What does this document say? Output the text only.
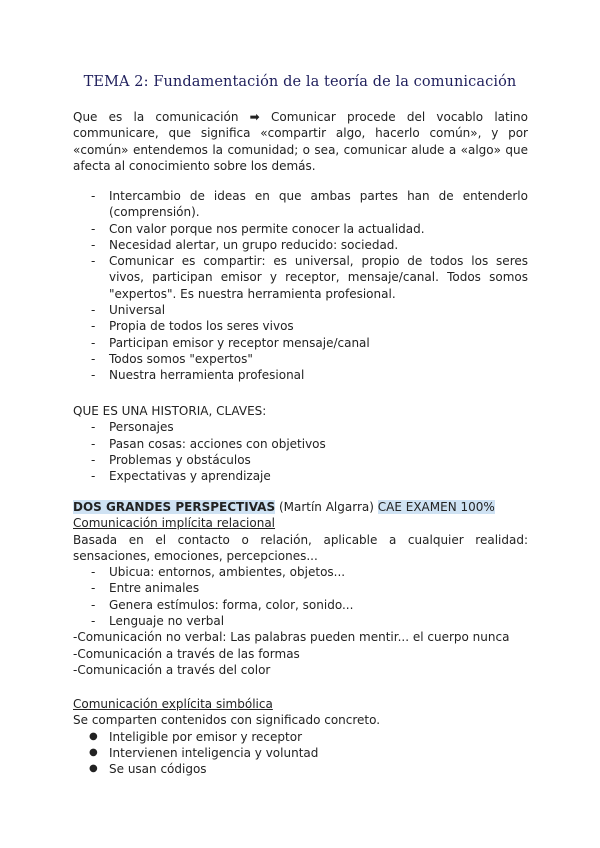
TEMA 2: Fundamentación de la teoría de la comunicación
Que es la comunicación ➡ Comunicar procede del vocablo latino communicare, que significa «compartir algo, hacerlo común», y por «común» entendemos la comunidad; o sea, comunicar alude a «algo» que afecta al conocimiento sobre los demás.
- Intercambio de ideas en que ambas partes han de entenderlo (comprensión).
- Con valor porque nos permite conocer la actualidad.
- Necesidad alertar, un grupo reducido: sociedad.
- Comunicar es compartir: es universal, propio de todos los seres vivos, participan emisor y receptor, mensaje/canal. Todos somos "expertos". Es nuestra herramienta profesional.
- Universal
- Propia de todos los seres vivos
- Participan emisor y receptor mensaje/canal
- Todos somos "expertos"
- Nuestra herramienta profesional
QUE ES UNA HISTORIA, CLAVES:
- Personajes
- Pasan cosas: acciones con objetivos
- Problemas y obstáculos
- Expectativas y aprendizaje
DOS GRANDES PERSPECTIVAS (Martín Algarra) CAE EXAMEN 100%
Comunicación implícita relacional
Basada en el contacto o relación, aplicable a cualquier realidad: sensaciones, emociones, percepciones...
- Ubicua: entornos, ambientes, objetos...
- Entre animales
- Genera estímulos: forma, color, sonido...
- Lenguaje no verbal
-Comunicación no verbal: Las palabras pueden mentir... el cuerpo nunca
-Comunicación a través de las formas
-Comunicación a través del color
Comunicación explícita simbólica
Se comparten contenidos con significado concreto.
● Inteligible por emisor y receptor
● Intervienen inteligencia y voluntad
● Se usan códigos
